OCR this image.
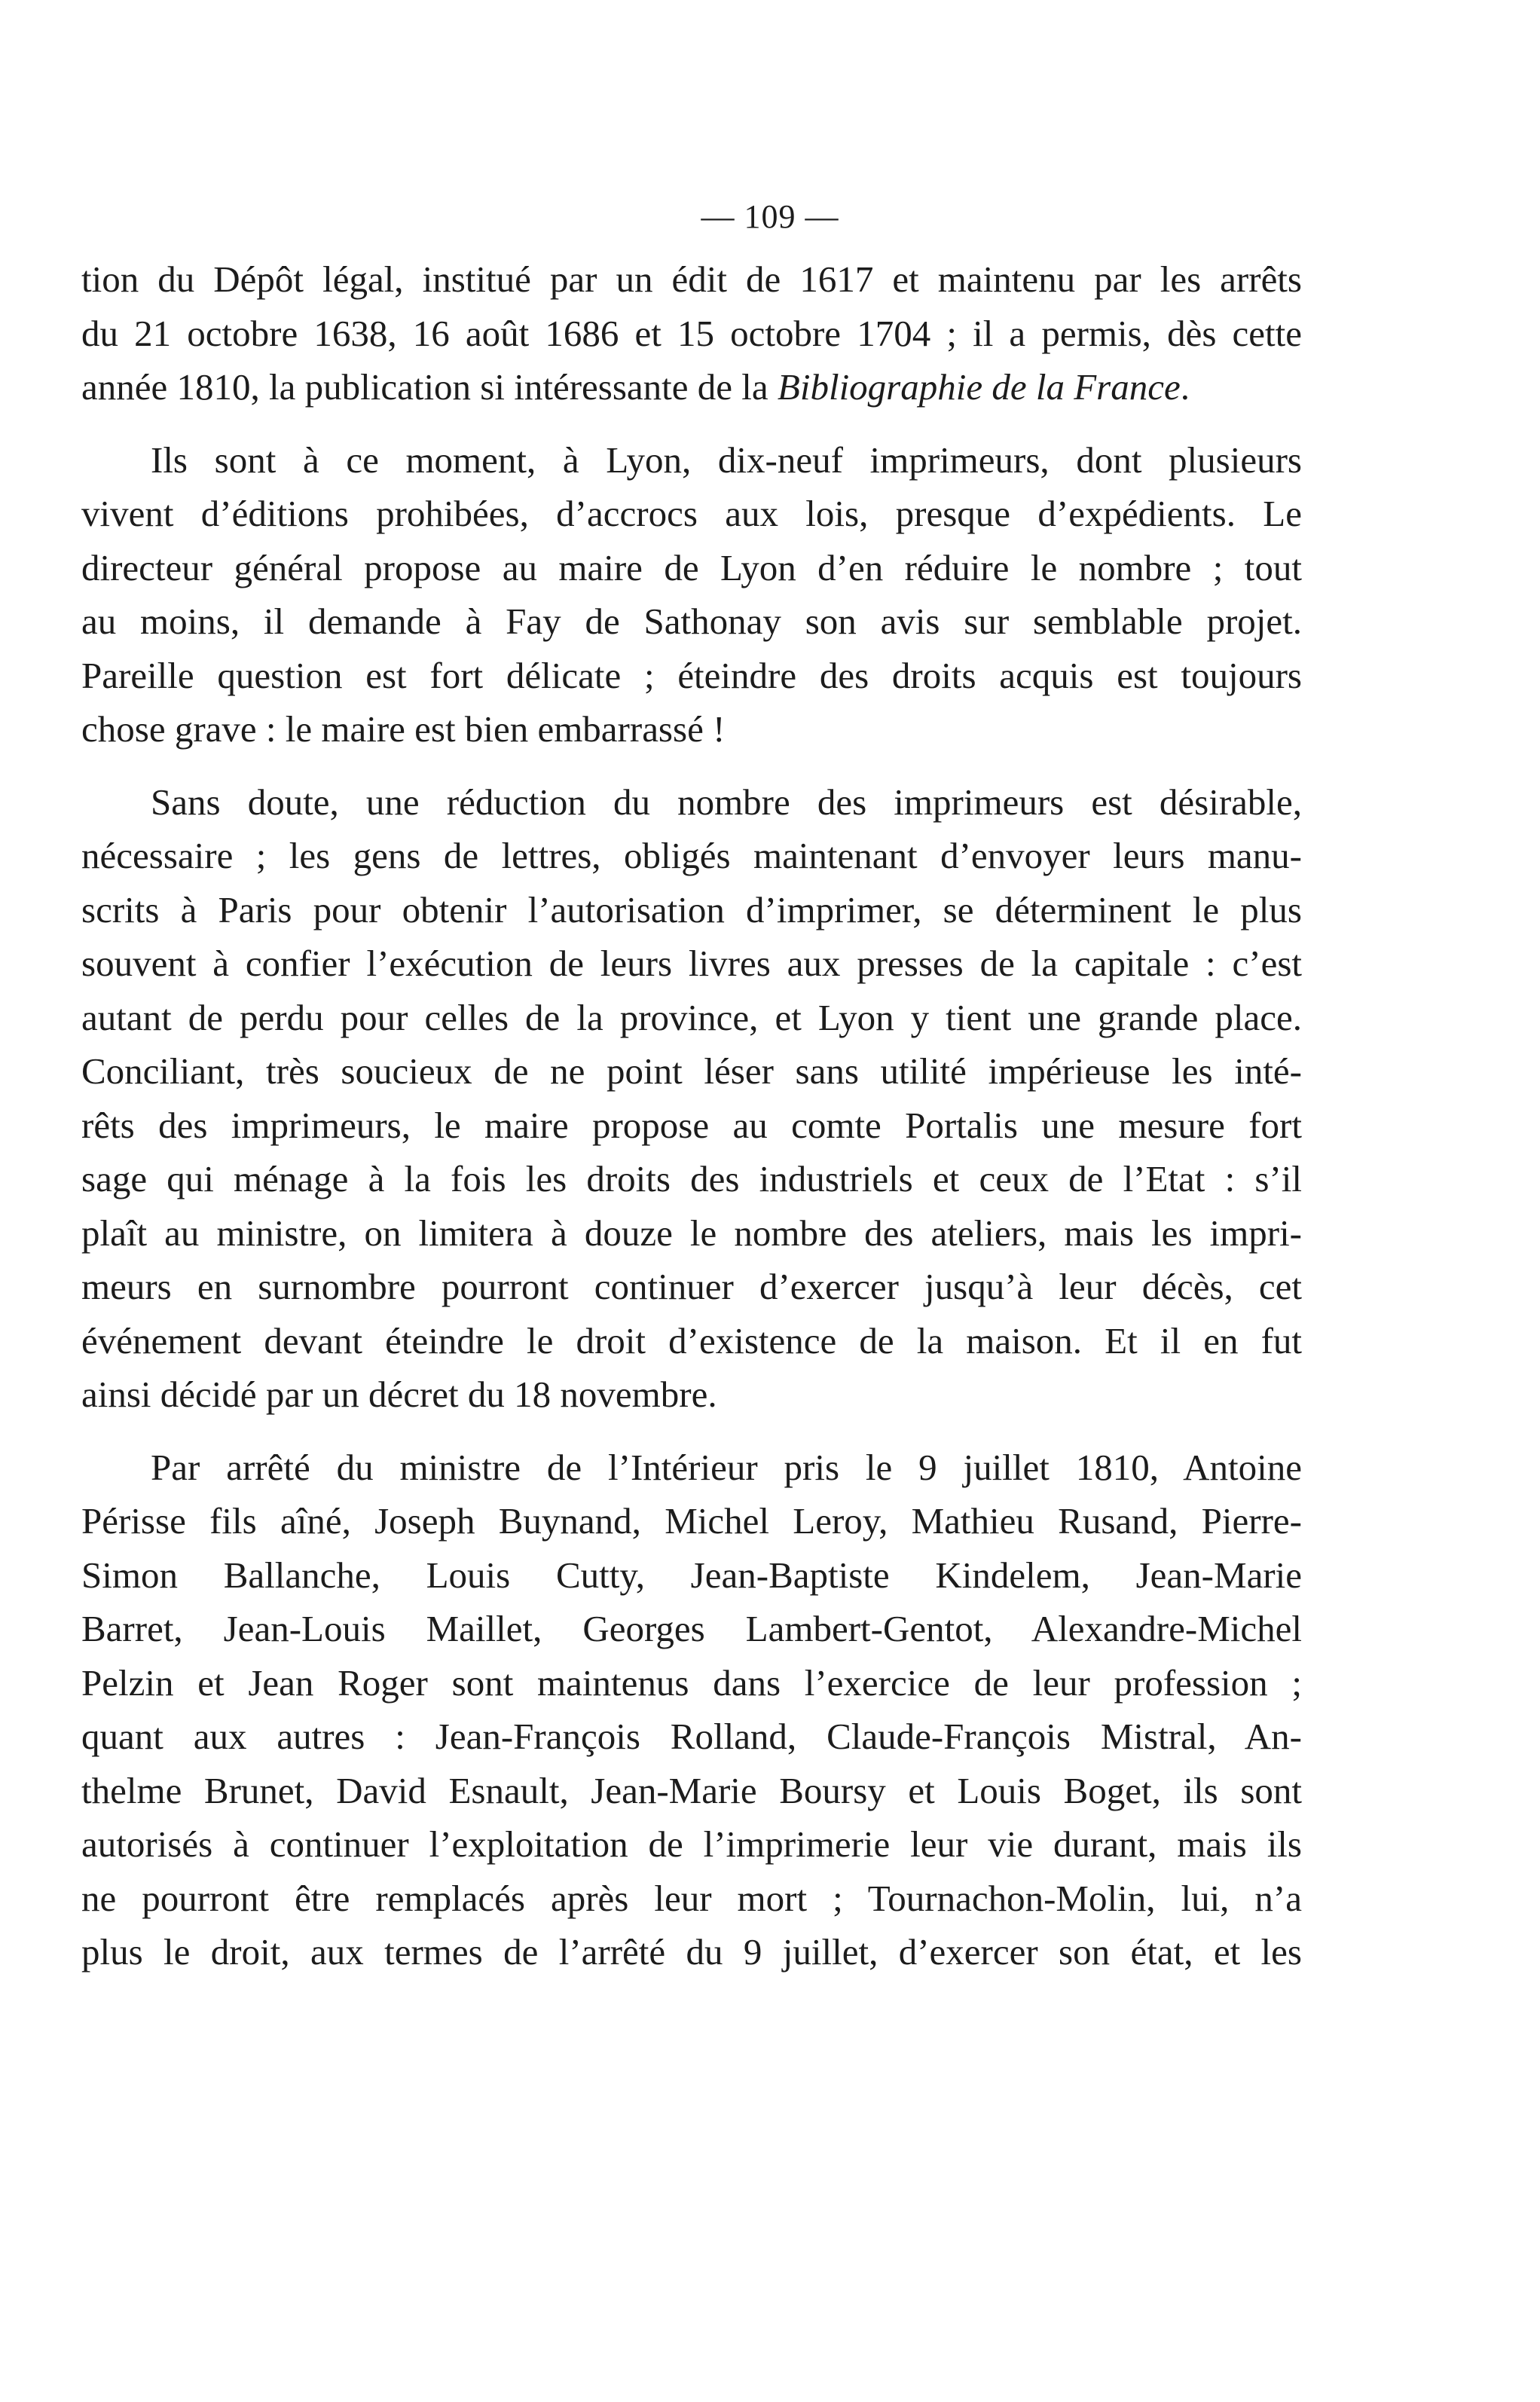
— 109 —

tion du Dépôt légal, institué par un édit de 1617 et maintenu par les arrêts
du 21 octobre 1638, 16 août 1686 et 15 octobre 1704 ; il a permis, dès cette
année 1810, la publication si intéressante de la Bibliographie de la France.

Ils sont à ce moment, à Lyon, dix-neuf imprimeurs, dont plusieurs
vivent d’éditions prohibées, d’accrocs aux lois, presque d’expédients. Le
directeur général propose au maire de Lyon d’en réduire le nombre ; tout
au moins, il demande à Fay de Sathonay son avis sur semblable projet.
Pareille question est fort délicate ; éteindre des droits acquis est toujours
chose grave : le maire est bien embarrassé !

Sans doute, une réduction du nombre des imprimeurs est désirable,
nécessaire ; les gens de lettres, obligés maintenant d’envoyer leurs manu-
scrits à Paris pour obtenir l’autorisation d’imprimer, se déterminent le plus
souvent à confier l’exécution de leurs livres aux presses de la capitale : c’est
autant de perdu pour celles de la province, et Lyon y tient une grande place.
Conciliant, très soucieux de ne point léser sans utilité impérieuse les inté-
rêts des imprimeurs, le maire propose au comte Portalis une mesure fort
sage qui ménage à la fois les droits des industriels et ceux de l’Etat : s’il
plaît au ministre, on limitera à douze le nombre des ateliers, mais les impri-
meurs en surnombre pourront continuer d’exercer jusqu’à leur décès, cet
événement devant éteindre le droit d’existence de la maison. Et il en fut
ainsi décidé par un décret du 18 novembre.

Par arrêté du ministre de l’Intérieur pris le 9 juillet 1810, Antoine
Périsse fils aîné, Joseph Buynand, Michel Leroy, Mathieu Rusand, Pierre-
Simon Ballanche, Louis Cutty, Jean-Baptiste Kindelem, Jean-Marie
Barret, Jean-Louis Maillet, Georges Lambert-Gentot, Alexandre-Michel
Pelzin et Jean Roger sont maintenus dans l’exercice de leur profession ;
quant aux autres : Jean-François Rolland, Claude-François Mistral, An-
thelme Brunet, David Esnault, Jean-Marie Boursy et Louis Boget, ils sont
autorisés à continuer l’exploitation de l’imprimerie leur vie durant, mais ils
ne pourront être remplacés après leur mort ; Tournachon-Molin, lui, n’a
plus le droit, aux termes de l’arrêté du 9 juillet, d’exercer son état, et les
